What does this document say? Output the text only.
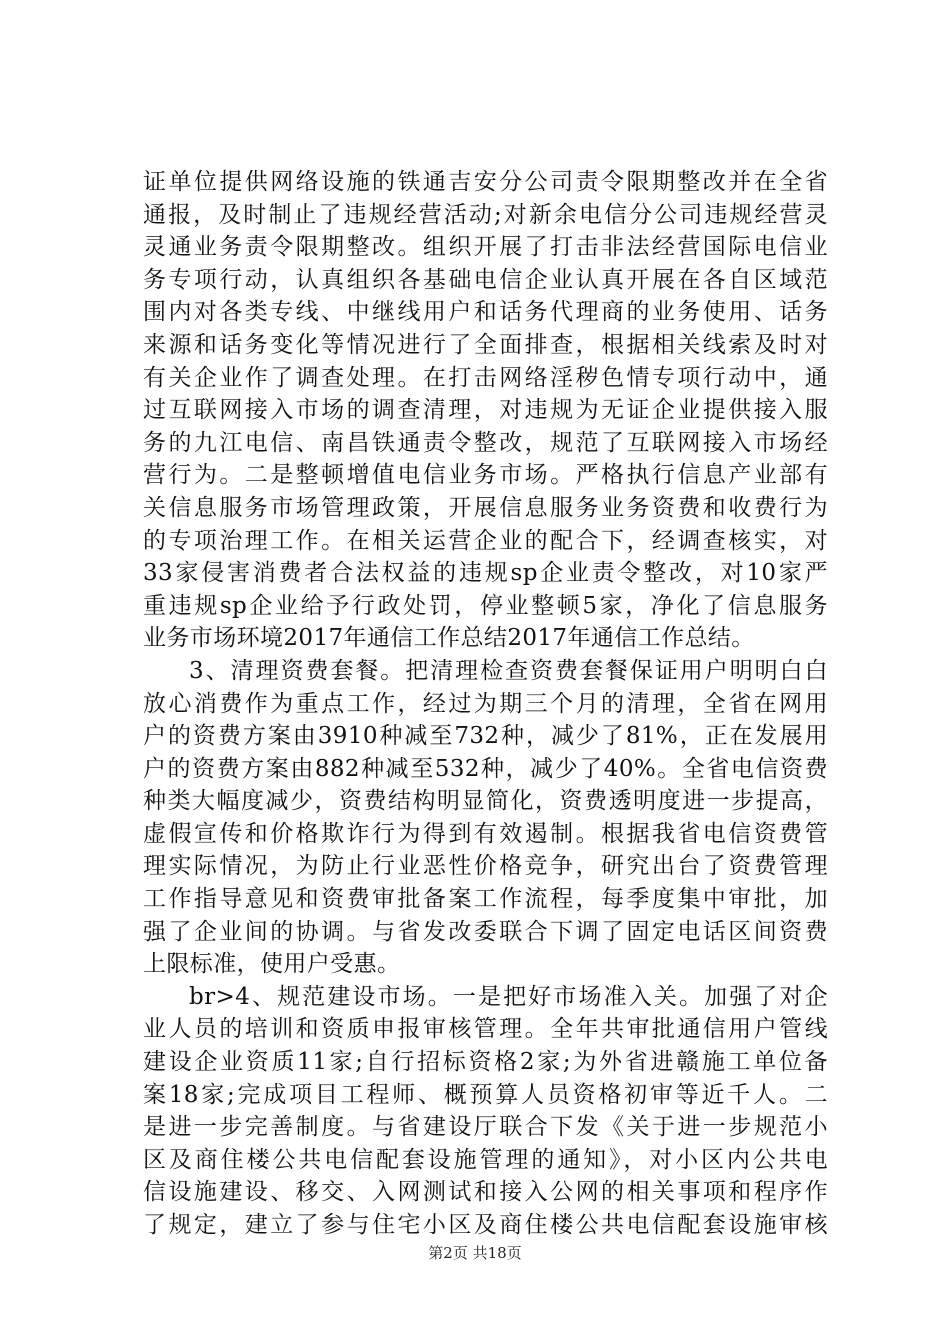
证单位提供网络设施的铁通吉安分公司责令限期整改并在全省
通报，及时制止了违规经营活动;对新余电信分公司违规经营灵
灵通业务责令限期整改。组织开展了打击非法经营国际电信业
务专项行动，认真组织各基础电信企业认真开展在各自区域范
围内对各类专线、中继线用户和话务代理商的业务使用、话务
来源和话务变化等情况进行了全面排查，根据相关线索及时对
有关企业作了调查处理。在打击网络淫秽色情专项行动中，通
过互联网接入市场的调查清理，对违规为无证企业提供接入服
务的九江电信、南昌铁通责令整改，规范了互联网接入市场经
营行为。二是整顿增值电信业务市场。严格执行信息产业部有
关信息服务市场管理政策，开展信息服务业务资费和收费行为
的专项治理工作。在相关运营企业的配合下，经调查核实，对
33家侵害消费者合法权益的违规sp企业责令整改，对10家严
重违规sp企业给予行政处罚，停业整顿5家，净化了信息服务
业务市场环境2017年通信工作总结2017年通信工作总结。
3、清理资费套餐。把清理检查资费套餐保证用户明明白白
放心消费作为重点工作，经过为期三个月的清理，全省在网用
户的资费方案由3910种减至732种，减少了81%，正在发展用
户的资费方案由882种减至532种，减少了40%。全省电信资费
种类大幅度减少，资费结构明显简化，资费透明度进一步提高，
虚假宣传和价格欺诈行为得到有效遏制。根据我省电信资费管
理实际情况，为防止行业恶性价格竞争，研究出台了资费管理
工作指导意见和资费审批备案工作流程，每季度集中审批，加
强了企业间的协调。与省发改委联合下调了固定电话区间资费
上限标准，使用户受惠。
br>4、规范建设市场。一是把好市场准入关。加强了对企
业人员的培训和资质申报审核管理。全年共审批通信用户管线
建设企业资质11家;自行招标资格2家;为外省进赣施工单位备
案18家;完成项目工程师、概预算人员资格初审等近千人。二
是进一步完善制度。与省建设厅联合下发《关于进一步规范小
区及商住楼公共电信配套设施管理的通知》，对小区内公共电
信设施建设、移交、入网测试和接入公网的相关事项和程序作
了规定，建立了参与住宅小区及商住楼公共电信配套设施审核
第2页 共18页
